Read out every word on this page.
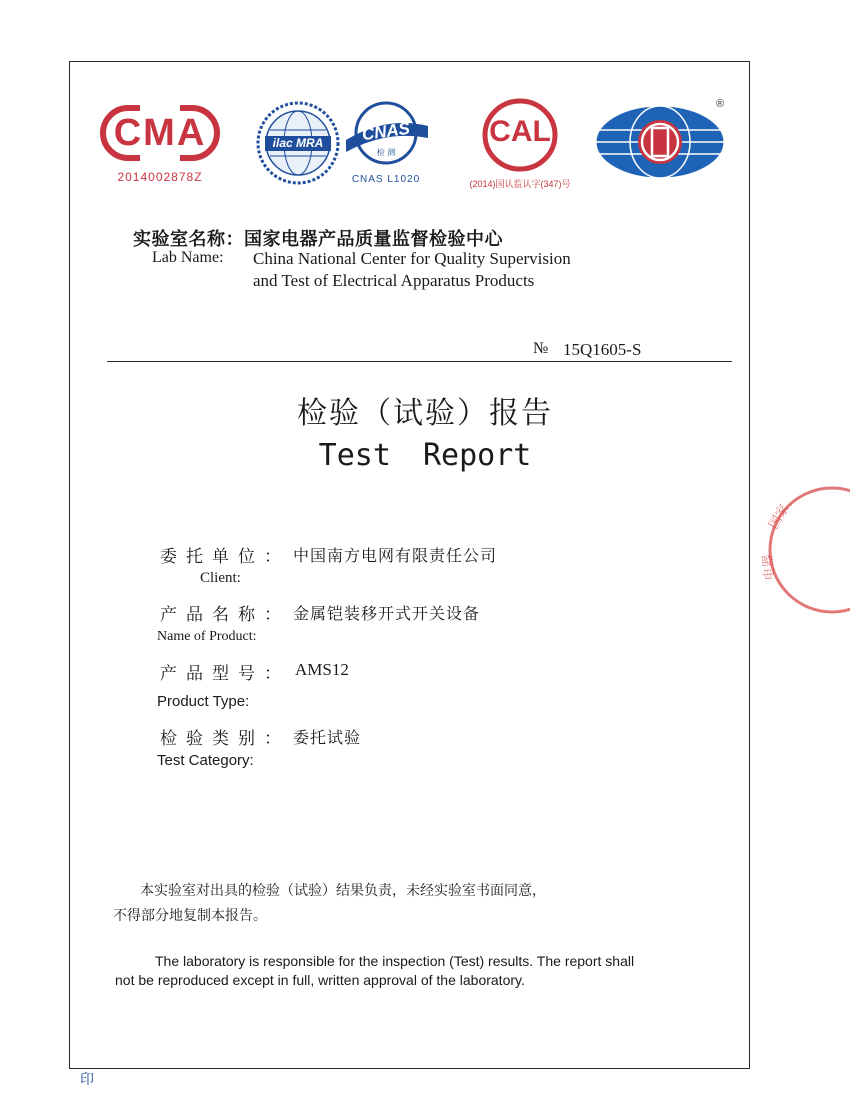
CMA
2014002878Z
ilac MRA	CNAS
检 测
CNAS L1020
CAL
(2014)国认监认字(347)号
®
实验室名称：国家电器产品质量监督检验中心
Lab Name: China National Center for Quality Supervision
and Test of Electrical Apparatus Products
№ 15Q1605-S
检验（试验）报告
Test Report
委托单位： 中国南方电网有限责任公司
Client:
产品名称： 金属铠装移开式开关设备
Name of Product:
产品型号： AMS12
Product Type:
检验类别： 委托试验
Test Category:
本实验室对出具的检验（试验）结果负责，未经实验室书面同意，
不得部分地复制本报告。
The laboratory is responsible for the inspection (Test) results. The report shall
not be reproduced except in full, written approval of the laboratory.
国家
电器
印
